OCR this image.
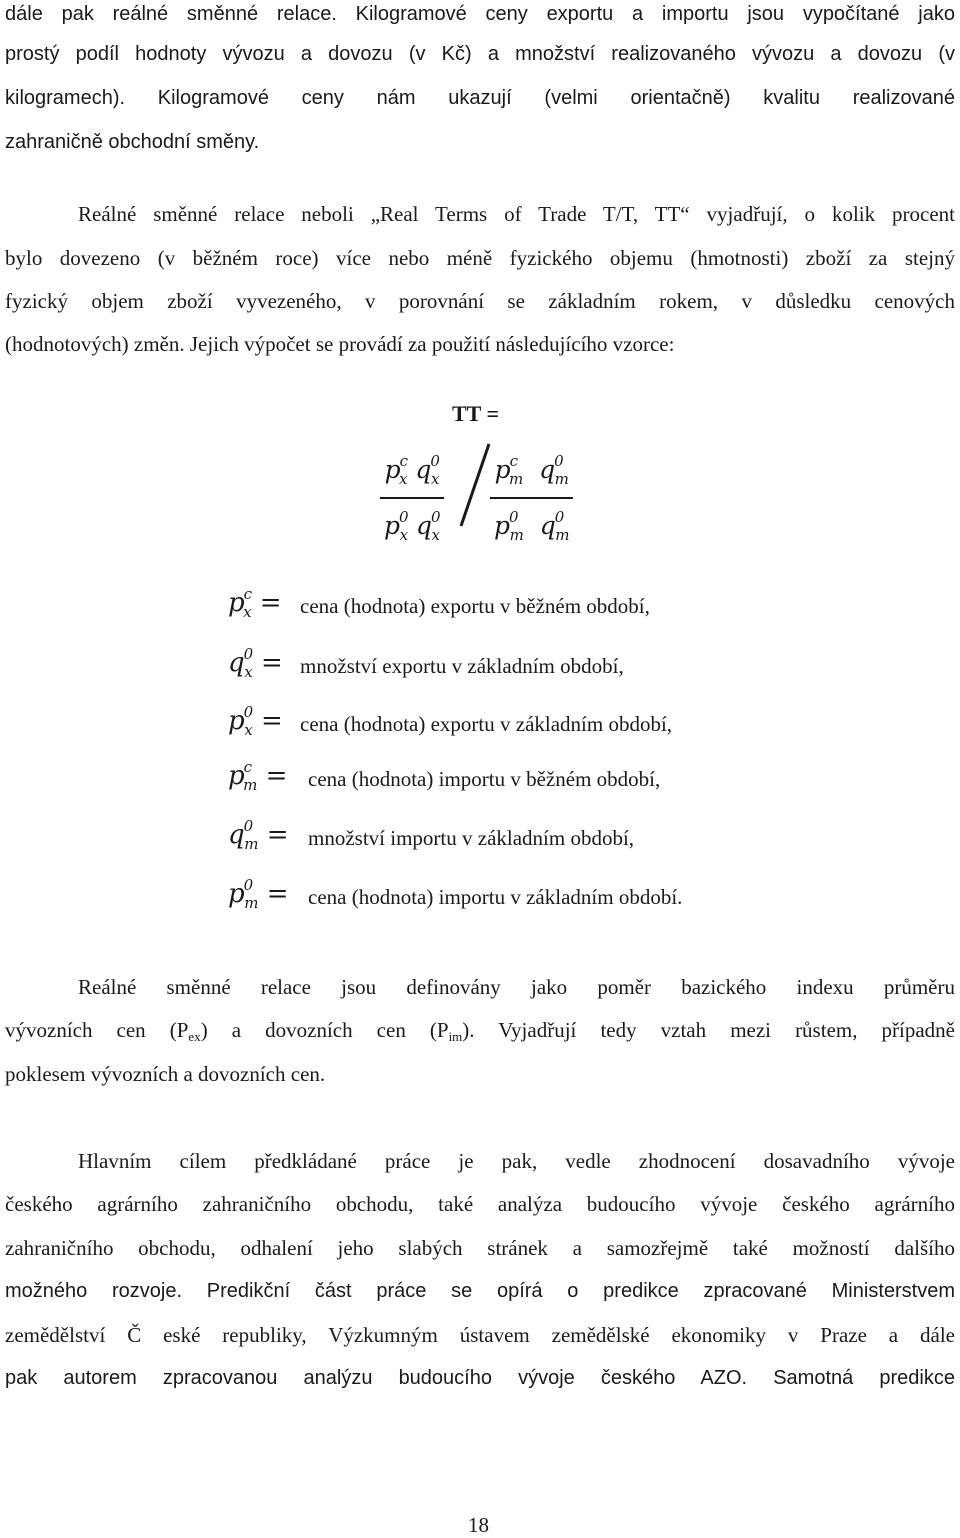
dále pak reálné směnné relace. Kilogramové ceny exportu a importu jsou vypočítané jako
prostý podíl hodnoty vývozu a dovozu (v Kč) a množství realizovaného vývozu a dovozu (v
kilogramech). Kilogramové ceny nám ukazují (velmi orientačně) kvalitu realizované
zahraničně obchodní směny.
Reálné směnné relace neboli „Real Terms of Trade T/T, TT“ vyjadřují, o kolik procent
bylo dovezeno (v běžném roce) více nebo méně fyzického objemu (hmotnosti) zboží za stejný
fyzický objem zboží vyvezeného, v porovnání se základním rokem, v důsledku cenových
(hodnotových) změn. Jejich výpočet se provádí za použití následujícího vzorce:
TT =
$p^c_x$ $q^0_x$
$p^0_x$ $q^0_x$
$p^c_m$  $q^0_m$
$p^0_m$  $q^0_m$
$p^c_x$ = cena (hodnota) exportu v běžném období,
$q^0_x$ = množství exportu v základním období,
$p^0_x$ = cena (hodnota) exportu v základním období,
$p^c_m$ = cena (hodnota) importu v běžném období,
$q^0_m$ = množství importu v základním období,
$p^0_m$ = cena (hodnota) importu v základním období.
Reálné směnné relace jsou definovány jako poměr bazického indexu průměru
vývozních cen $(P_{ex})$ a dovozních cen $(P_{im})$. Vyjadřují tedy vztah mezi růstem, případně
poklesem vývozních a dovozních cen.
Hlavním cílem předkládané práce je pak, vedle zhodnocení dosavadního vývoje
českého agrárního zahraničního obchodu, také analýza budoucího vývoje českého agrárního
zahraničního obchodu, odhalení jeho slabých stránek a samozřejmě také možností dalšího
možného rozvoje. Predikční část práce se opírá o predikce zpracované Ministerstvem
zemědělství Č eské republiky, Výzkumným ústavem zemědělské ekonomiky v Praze a dále
pak autorem zpracovanou analýzu budoucího vývoje českého AZO. Samotná predikce
18
